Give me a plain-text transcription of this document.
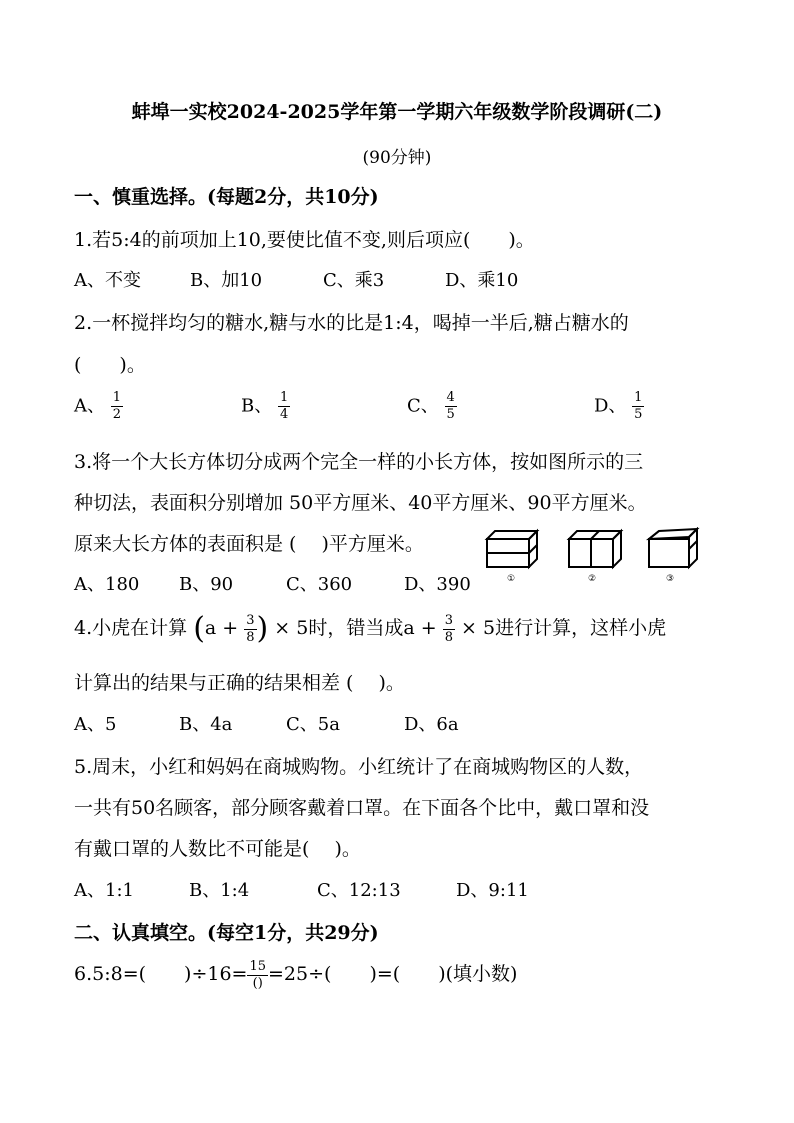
蚌埠一实校2024-2025学年第一学期六年级数学阶段调研(二)
(90分钟)
一、慎重选择。(每题2分，共10分)
1.若5:4的前项加上10,要使比值不变,则后项应(　　)。
A、不变	B、加10	C、乘3	D、乘10
2.一杯搅拌均匀的糖水,糖与水的比是1:4，喝掉一半后,糖占糖水的
(　　)。
A、 $\frac{1}{2}$	B、 $\frac{1}{4}$	C、 $\frac{4}{5}$	D、 $\frac{1}{5}$
3.将一个大长方体切分成两个完全一样的小长方体，按如图所示的三
种切法，表面积分别增加 50平方厘米、40平方厘米、90平方厘米。
原来大长方体的表面积是 (　 )平方厘米。
①	②	③
A、180 B、90	C、360	D、390
4.小虎在计算 ($a + \frac{3}{8}$ ) × 5时，错当成$a + \frac{3}{8} \times 5$进行计算，这样小虎
计算出的结果与正确的结果相差 (　 )。
A、5	B、4a	C、5a	D、6a
5.周末，小红和妈妈在商城购物。小红统计了在商城购物区的人数，
一共有50名顾客，部分顾客戴着口罩。在下面各个比中，戴口罩和没
有戴口罩的人数比不可能是(　 )。
A、1:1	B、1:4	C、12:13	D、9:11
二、认真填空。(每空1分，共29分)
6.5:8=(　　)$\div 16= \frac{15}{()} =25\div$(　　)=(　　)(填小数)
